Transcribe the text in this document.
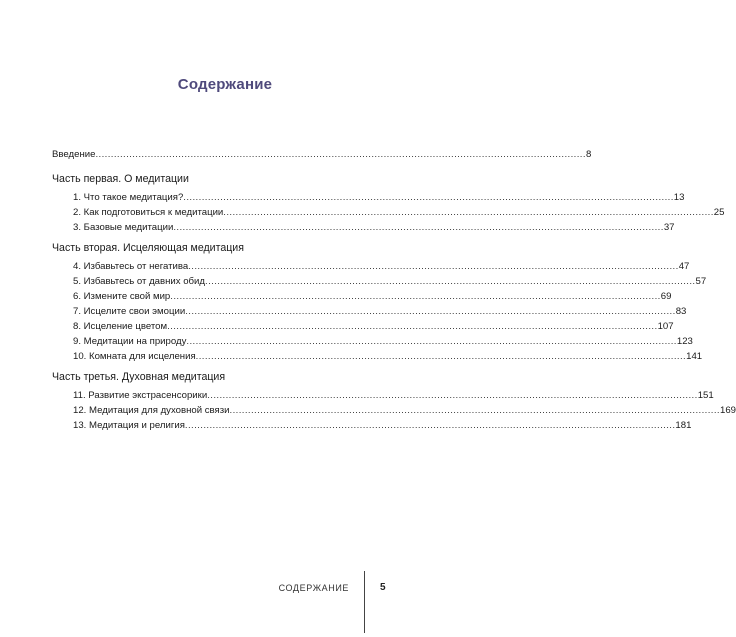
Содержание
Введение ................................................................................................................................................................ 8
Часть первая. О медитации
1. Что такое медитация? ................................................................................................................................................................ 13
2. Как подготовиться к медитации ................................................................................................................................................................ 25
3. Базовые медитации ................................................................................................................................................................ 37
Часть вторая. Исцеляющая медитация
4. Избавьтесь от негатива ................................................................................................................................................................ 47
5. Избавьтесь от давних обид ................................................................................................................................................................ 57
6. Измените свой мир ................................................................................................................................................................ 69
7. Исцелите свои эмоции ................................................................................................................................................................ 83
8. Исцеление цветом ................................................................................................................................................................ 107
9. Медитации на природу ................................................................................................................................................................ 123
10. Комната для исцеления ................................................................................................................................................................ 141
Часть третья. Духовная медитация
11. Развитие экстрасенсорики ................................................................................................................................................................ 151
12. Медитация для духовной связи ................................................................................................................................................................ 169
13. Медитация и религия ................................................................................................................................................................ 181
СОДЕРЖАНИЕ	5
